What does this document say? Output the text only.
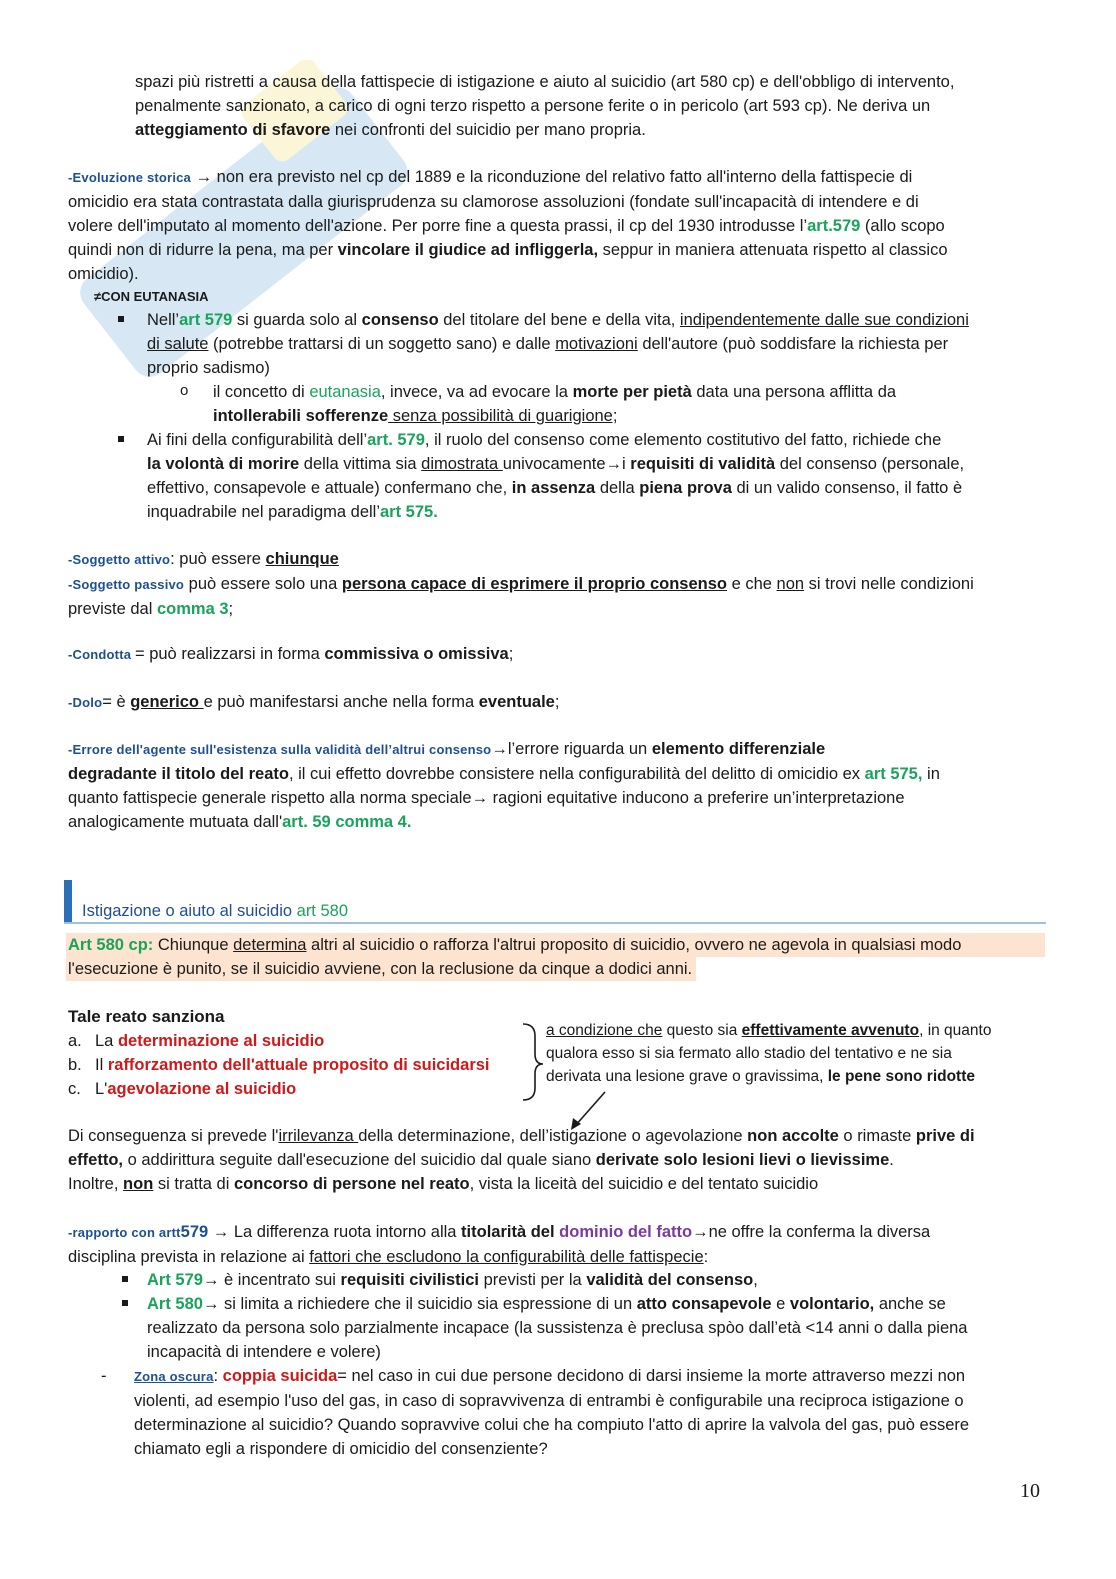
spazi più ristretti a causa della fattispecie di istigazione e aiuto al suicidio (art 580 cp) e dell'obbligo di intervento,
penalmente sanzionato, a carico di ogni terzo rispetto a persone ferite o in pericolo (art 593 cp). Ne deriva un
atteggiamento di sfavore nei confronti del suicidio per mano propria.
-Evoluzione storica → non era previsto nel cp del 1889 e la riconduzione del relativo fatto all'interno della fattispecie di
omicidio era stata contrastata dalla giurisprudenza su clamorose assoluzioni (fondate sull'incapacità di intendere e di
volere dell'imputato al momento dell'azione. Per porre fine a questa prassi, il cp del 1930 introdusse l’art.579 (allo scopo
quindi non di ridurre la pena, ma per vincolare il giudice ad infliggerla, seppur in maniera attenuata rispetto al classico
omicidio).
≠CON EUTANASIA
Nell’art 579 si guarda solo al consenso del titolare del bene e della vita, indipendentemente dalle sue condizioni
di salute (potrebbe trattarsi di un soggetto sano) e dalle motivazioni dell'autore (può soddisfare la richiesta per
proprio sadismo)
o il concetto di eutanasia, invece, va ad evocare la morte per pietà data una persona afflitta da
intollerabili sofferenze senza possibilità di guarigione;
Ai fini della configurabilità dell’art. 579, il ruolo del consenso come elemento costitutivo del fatto, richiede che
la volontà di morire della vittima sia dimostrata univocamente→i requisiti di validità del consenso (personale,
effettivo, consapevole e attuale) confermano che, in assenza della piena prova di un valido consenso, il fatto è
inquadrabile nel paradigma dell’art 575.
-Soggetto attivo: può essere chiunque
-Soggetto passivo può essere solo una persona capace di esprimere il proprio consenso e che non si trovi nelle condizioni
previste dal comma 3;
-Condotta = può realizzarsi in forma commissiva o omissiva;
-Dolo= è generico e può manifestarsi anche nella forma eventuale;
-Errore dell'agente sull'esistenza sulla validità dell’altrui consenso→l’errore riguarda un elemento differenziale
degradante il titolo del reato, il cui effetto dovrebbe consistere nella configurabilità del delitto di omicidio ex art 575, in
quanto fattispecie generale rispetto alla norma speciale→ ragioni equitative inducono a preferire un’interpretazione
analogicamente mutuata dall'art. 59 comma 4.
Istigazione o aiuto al suicidio art 580
Art 580 cp: Chiunque determina altri al suicidio o rafforza l'altrui proposito di suicidio, ovvero ne agevola in qualsiasi modo
l'esecuzione è punito, se il suicidio avviene, con la reclusione da cinque a dodici anni.
Tale reato sanziona
a. La determinazione al suicidio
b. Il rafforzamento dell'attuale proposito di suicidarsi
c. L'agevolazione al suicidio
a condizione che questo sia effettivamente avvenuto, in quanto
qualora esso si sia fermato allo stadio del tentativo e ne sia
derivata una lesione grave o gravissima, le pene sono ridotte
Di conseguenza si prevede l'irrilevanza della determinazione, dell’istigazione o agevolazione non accolte o rimaste prive di
effetto, o addirittura seguite dall'esecuzione del suicidio dal quale siano derivate solo lesioni lievi o lievissime.
Inoltre, non si tratta di concorso di persone nel reato, vista la liceità del suicidio e del tentato suicidio
-rapporto con artt579 → La differenza ruota intorno alla titolarità del dominio del fatto→ne offre la conferma la diversa
disciplina prevista in relazione ai fattori che escludono la configurabilità delle fattispecie:
Art 579→ è incentrato sui requisiti civilistici previsti per la validità del consenso,
Art 580→ si limita a richiedere che il suicidio sia espressione di un atto consapevole e volontario, anche se
realizzato da persona solo parzialmente incapace (la sussistenza è preclusa spòo dall’età <14 anni o dalla piena
incapacità di intendere e volere)
- Zona oscura: coppia suicida= nel caso in cui due persone decidono di darsi insieme la morte attraverso mezzi non
violenti, ad esempio l'uso del gas, in caso di sopravvivenza di entrambi è configurabile una reciproca istigazione o
determinazione al suicidio? Quando sopravvive colui che ha compiuto l'atto di aprire la valvola del gas, può essere
chiamato egli a rispondere di omicidio del consenziente?
10
